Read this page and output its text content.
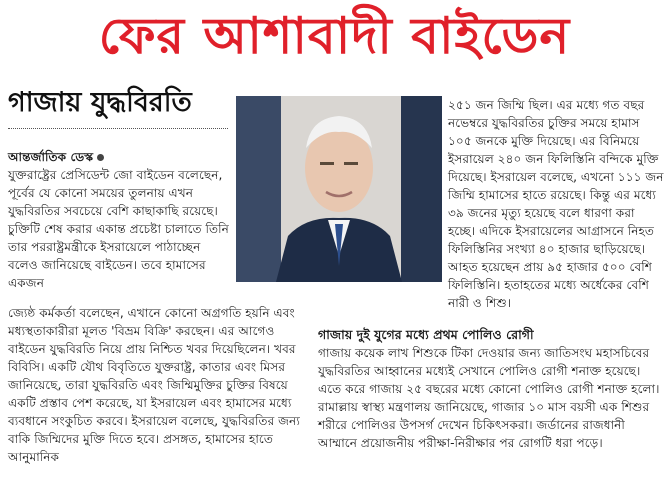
ফের আশাবাদী বাইডেন
গাজায় যুদ্ধবিরতি

আন্তর্জাতিক ডেস্ক

যুক্তরাষ্ট্রের প্রেসিডেন্ট জো বাইডেন বলেছেন, পূর্বের যে কোনো সময়ের তুলনায় এখন যুদ্ধবিরতির সবচেয়ে বেশি কাছাকাছি রয়েছে। চুক্তিটি শেষ করার একান্ত প্রচেষ্টা চালাতে তিনি তার পররাষ্ট্রমন্ত্রীকে ইসরায়েলে পাঠাচ্ছেন বলেও জানিয়েছে বাইডেন। তবে হামাসের একজন

জ্যেষ্ঠ কর্মকর্তা বলেছেন, এখানে কোনো অগ্রগতি হয়নি এবং মধ্যস্থতাকারীরা মূলত 'বিভ্রম বিক্রি' করছেন। এর আগেও বাইডেন যুদ্ধবিরতি নিয়ে প্রায় নিশ্চিত খবর দিয়েছিলেন। খবর বিবিসি। একটি যৌথ বিবৃতিতে যুক্তরাষ্ট্র, কাতার এবং মিসর জানিয়েছে, তারা যুদ্ধবিরতি এবং জিম্মিমুক্তির চুক্তির বিষয়ে একটি প্রস্তাব পেশ করেছে, যা ইসরায়েল এবং হামাসের মধ্যে ব্যবধানে সংকুচিত করবে। ইসরায়েল বলেছে, যুদ্ধবিরতির জন্য বাকি জিম্মিদের মুক্তি দিতে হবে। প্রসঙ্গত, হামাসের হাতে আনুমানিক
২৫১ জন জিম্মি ছিল। এর মধ্যে গত বছর নভেম্বরে যুদ্ধবিরতির চুক্তির সময়ে হামাস ১০৫ জনকে মুক্তি দিয়েছে। এর বিনিময়ে ইসরায়েল ২৪০ জন ফিলিস্তিনি বন্দিকে মুক্তি দিয়েছে। ইসরায়েল বলেছে, এখনো ১১১ জন জিম্মি হামাসের হাতে রয়েছে। কিন্তু এর মধ্যে ৩৯ জনের মৃত্যু হয়েছে বলে ধারণা করা হচ্ছে। এদিকে ইসরায়েলের আগ্রাসনে নিহত ফিলিস্তিনির সংখ্যা ৪০ হাজার ছাড়িয়েছে। আহত হয়েছেন প্রায় ৯৫ হাজার ৫০০ বেশি ফিলিস্তিনি। হতাহতের মধ্যে অর্ধেকের বেশি নারী ও শিশু।
গাজায় দুই যুগের মধ্যে প্রথম পোলিও রোগী
গাজায় কয়েক লাখ শিশুকে টিকা দেওয়ার জন্য জাতিসংঘ মহাসচিবের যুদ্ধবিরতির আহ্বানের মধ্যেই সেখানে পোলিও রোগী শনাক্ত হয়েছে। এতে করে গাজায় ২৫ বছরের মধ্যে কোনো পোলিও রোগী শনাক্ত হলো। রামাল্লায় স্বাস্থ্য মন্ত্রণালয় জানিয়েছে, গাজার ১০ মাস বয়সী এক শিশুর শরীরে পোলিওর উপসর্গ দেখেন চিকিৎসকরা। জর্ডানের রাজধানী আম্মানে প্রয়োজনীয় পরীক্ষা-নিরীক্ষার পর রোগটি ধরা পড়ে।
